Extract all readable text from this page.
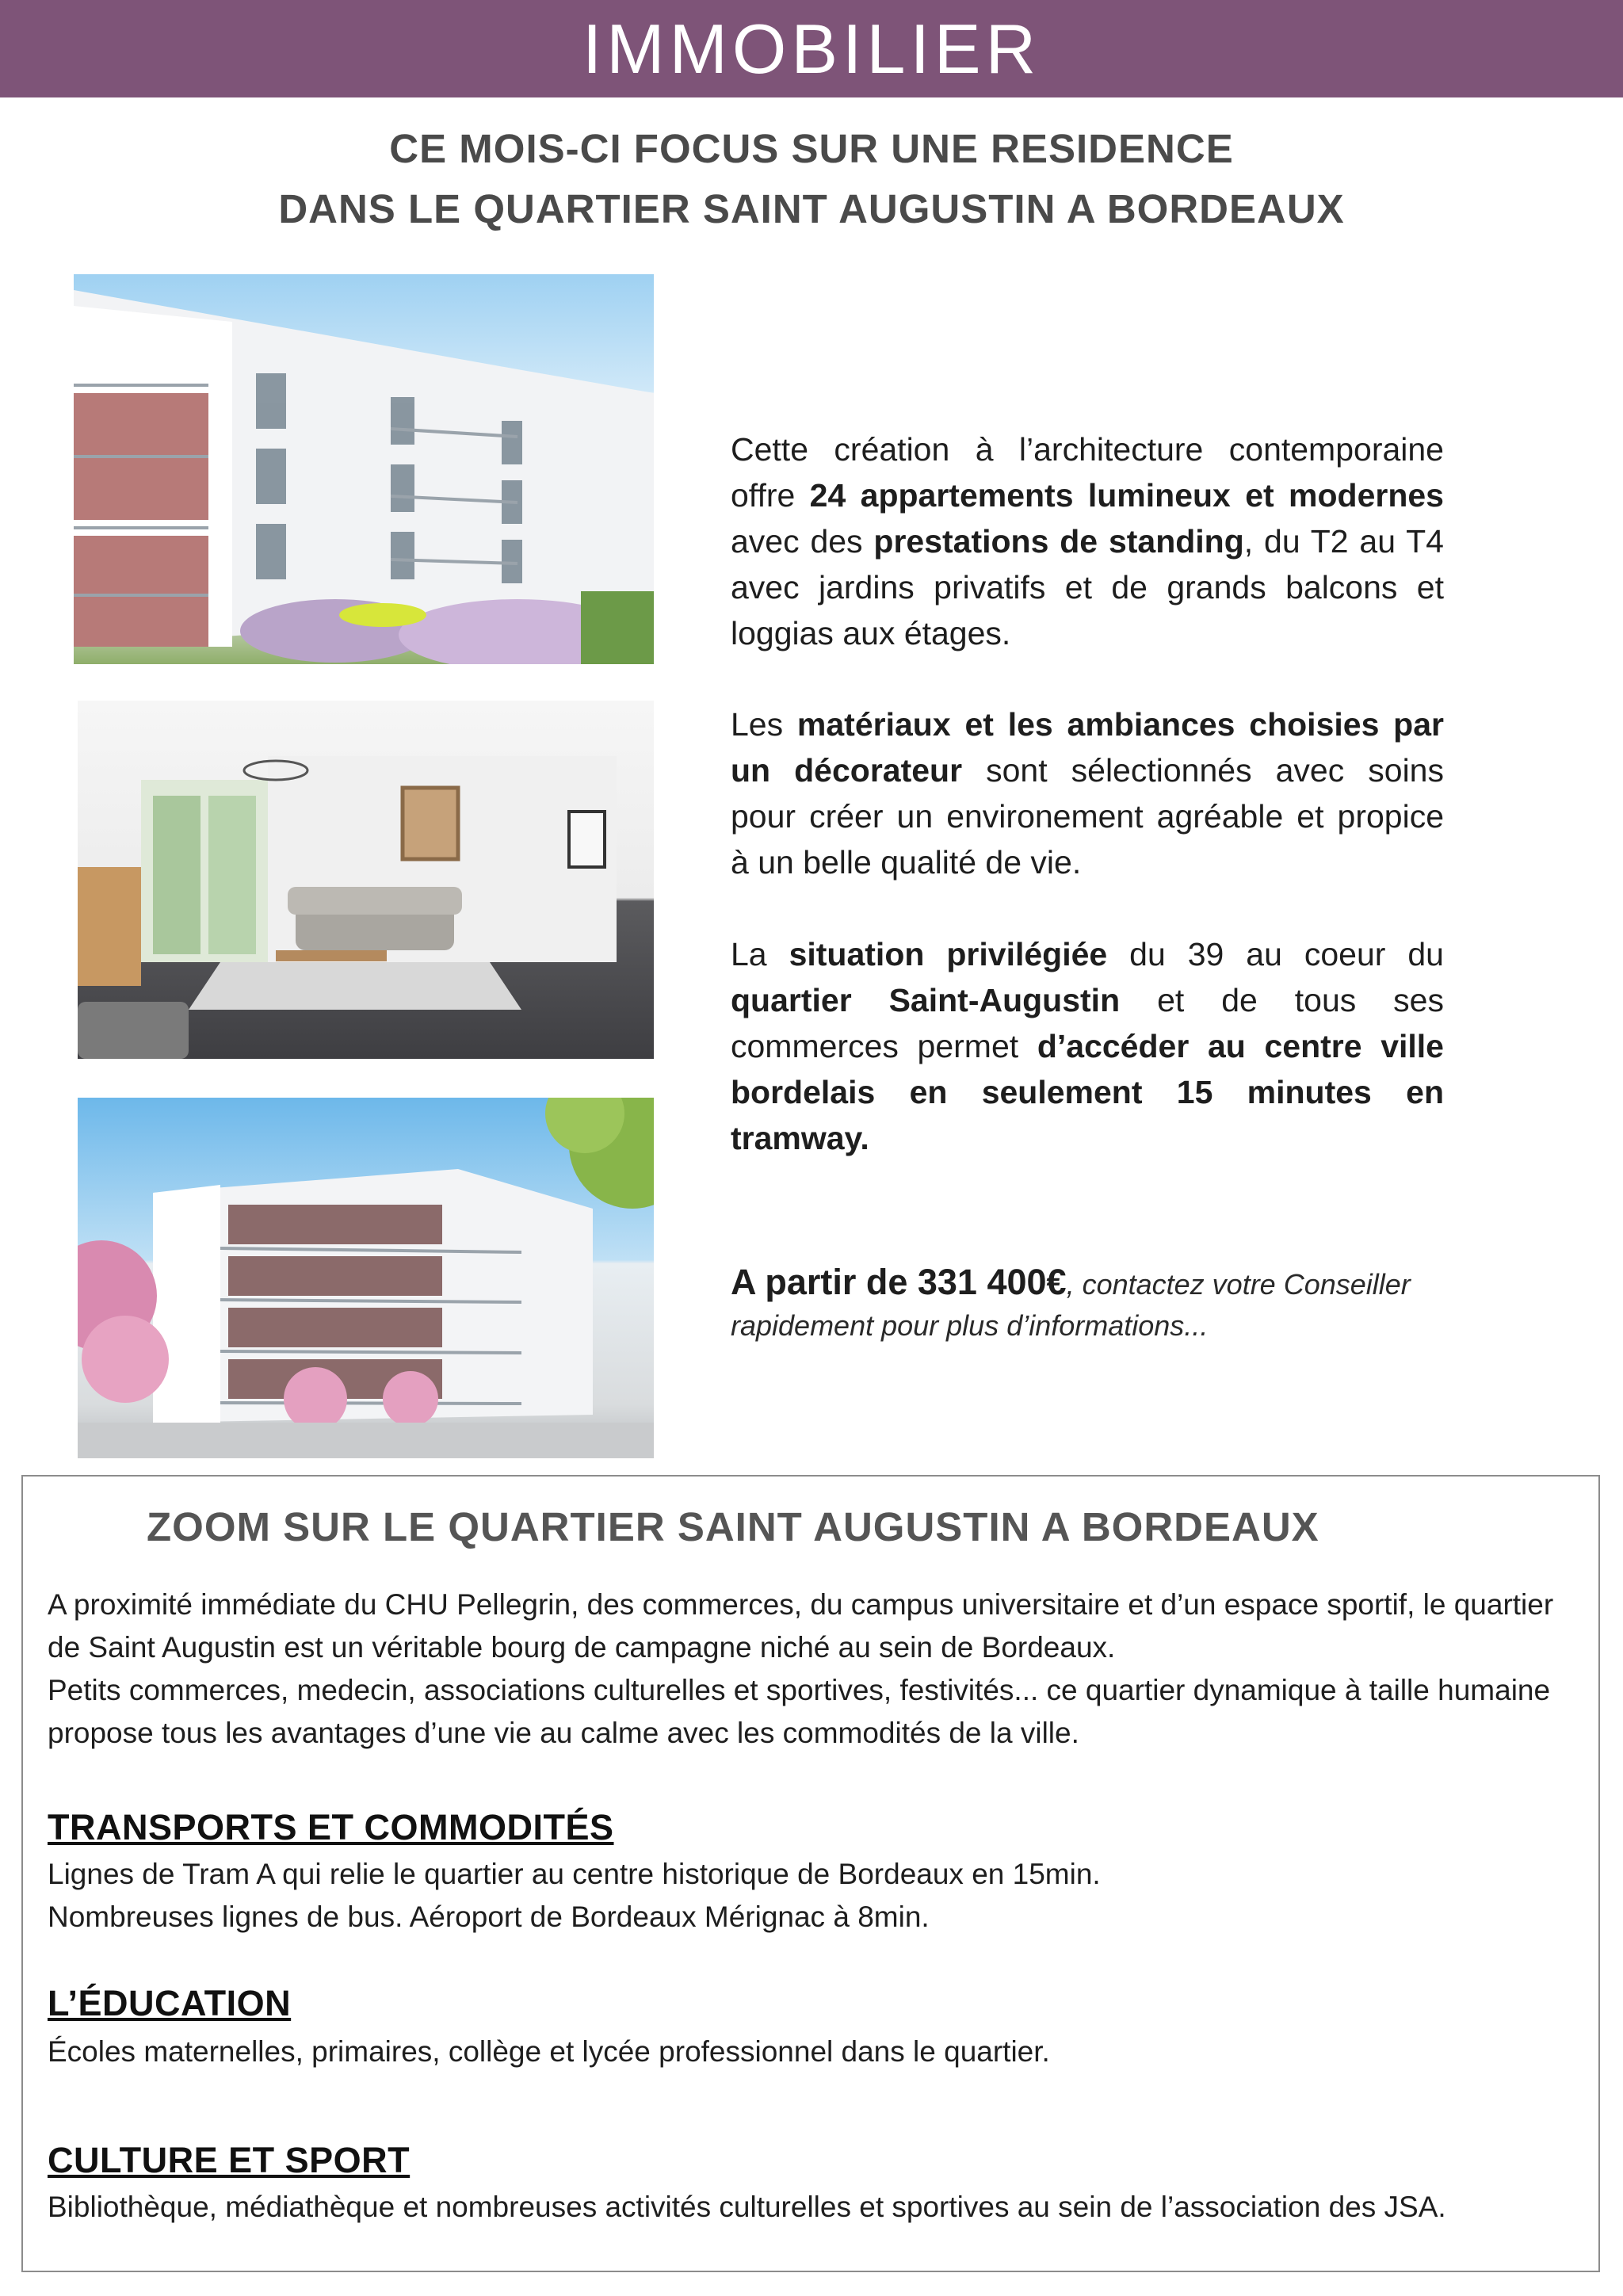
IMMOBILIER
CE MOIS-CI FOCUS SUR UNE RESIDENCE
DANS LE QUARTIER SAINT AUGUSTIN A BORDEAUX

Cette création à l’architecture contemporaine offre 24 appartements lumineux et modernes avec des prestations de standing, du T2 au T4 avec jardins privatifs et de grands balcons et loggias aux étages.

Les matériaux et les ambiances choisies par un décorateur sont sélectionnés avec soins pour créer un environement agréable et propice à un belle qualité de vie.

La situation privilégiée du 39 au coeur du quartier Saint-Augustin et de tous ses commerces permet d’accéder au centre ville bordelais en seulement 15 minutes en tramway.

A partir de 331 400€, contactez votre Conseiller rapidement pour plus d’informations...
ZOOM SUR LE QUARTIER SAINT AUGUSTIN A BORDEAUX

A proximité immédiate du CHU Pellegrin, des commerces, du campus universitaire et d’un espace sportif, le quartier de Saint Augustin est un véritable bourg de campagne niché au sein de Bordeaux.

Petits commerces, medecin, associations culturelles et sportives, festivités... ce quartier dynamique à taille humaine propose tous les avantages d’une vie au calme avec les commodités de la ville.

TRANSPORTS ET COMMODITÉS

Lignes de Tram A qui relie le quartier au centre historique de Bordeaux en 15min.

Nombreuses lignes de bus. Aéroport de Bordeaux Mérignac à 8min.

L’ÉDUCATION

Écoles maternelles, primaires, collège et lycée professionnel dans le quartier.

CULTURE ET SPORT

Bibliothèque, médiathèque et nombreuses activités culturelles et sportives au sein de l’association des JSA.
